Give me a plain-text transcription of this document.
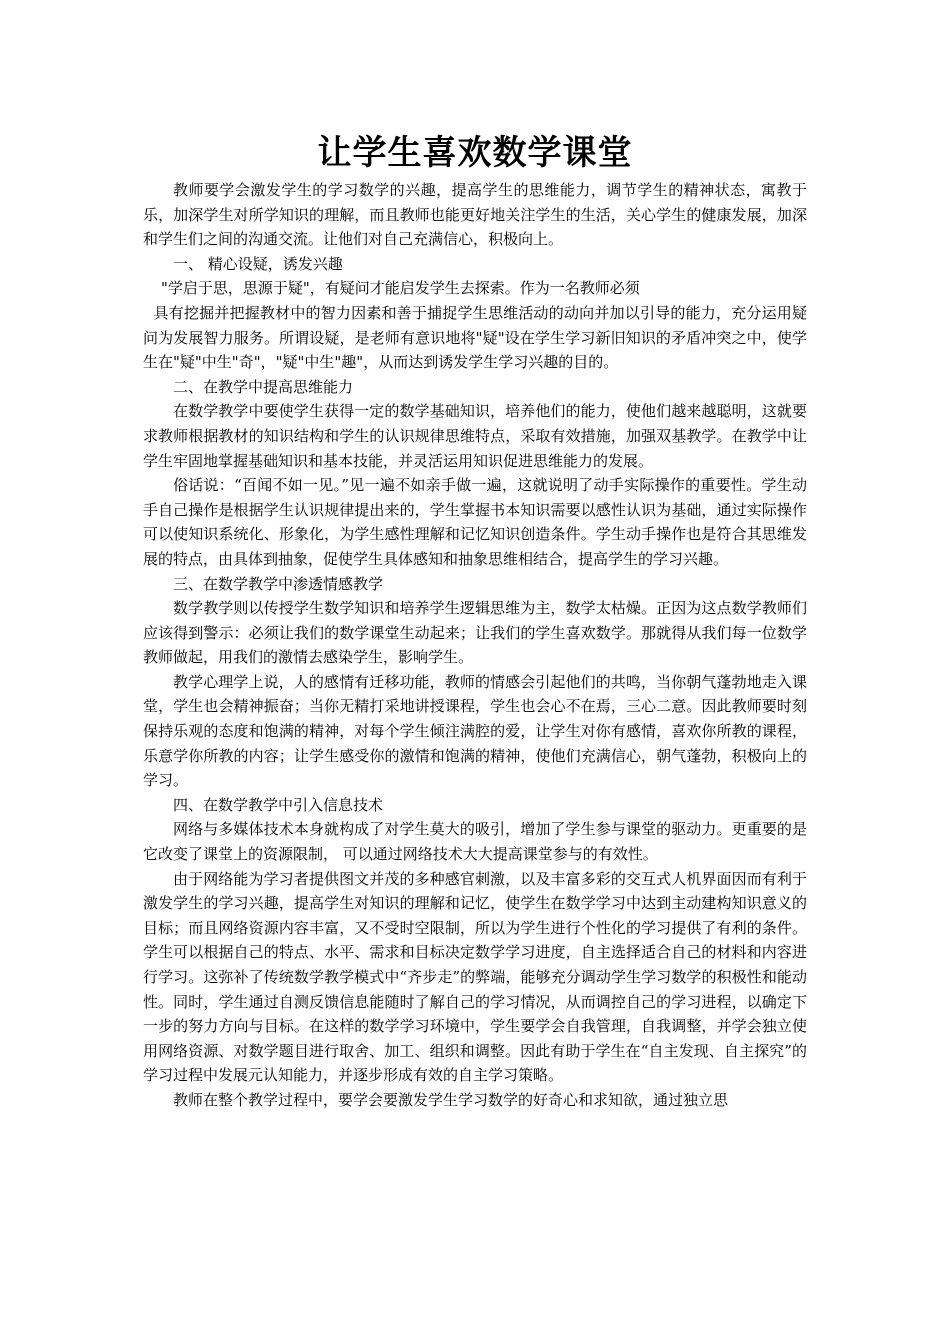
让学生喜欢数学课堂

教师要学会激发学生的学习数学的兴趣，提高学生的思维能力，调节学生的精神状态，寓教于乐，加深学生对所学知识的理解，而且教师也能更好地关注学生的生活，关心学生的健康发展，加深和学生们之间的沟通交流。让他们对自己充满信心，积极向上。

一、 精心设疑，诱发兴趣

"学启于思，思源于疑"，有疑问才能启发学生去探索。作为一名教师必须

具有挖掘并把握教材中的智力因素和善于捕捉学生思维活动的动向并加以引导的能力，充分运用疑问为发展智力服务。所谓设疑，是老师有意识地将"疑"设在学生学习新旧知识的矛盾冲突之中，使学生在"疑"中生"奇"，"疑"中生"趣"，从而达到诱发学生学习兴趣的目的。

二、在教学中提高思维能力

在数学教学中要使学生获得一定的数学基础知识，培养他们的能力，使他们越来越聪明，这就要求教师根据教材的知识结构和学生的认识规律思维特点，采取有效措施，加强双基教学。在教学中让学生牢固地掌握基础知识和基本技能，并灵活运用知识促进思维能力的发展。

俗话说：“百闻不如一见。”见一遍不如亲手做一遍，这就说明了动手实际操作的重要性。学生动手自己操作是根据学生认识规律提出来的，学生掌握书本知识需要以感性认识为基础，通过实际操作可以使知识系统化、形象化，为学生感性理解和记忆知识创造条件。学生动手操作也是符合其思维发展的特点，由具体到抽象，促使学生具体感知和抽象思维相结合，提高学生的学习兴趣。

三、在数学教学中渗透情感教学

数学教学则以传授学生数学知识和培养学生逻辑思维为主，数学太枯燥。正因为这点数学教师们应该得到警示：必须让我们的数学课堂生动起来；让我们的学生喜欢数学。那就得从我们每一位数学教师做起，用我们的激情去感染学生，影响学生。

教学心理学上说，人的感情有迁移功能，教师的情感会引起他们的共鸣，当你朝气蓬勃地走入课堂，学生也会精神振奋；当你无精打采地讲授课程，学生也会心不在焉，三心二意。因此教师要时刻保持乐观的态度和饱满的精神，对每个学生倾注满腔的爱，让学生对你有感情，喜欢你所教的课程，乐意学你所教的内容；让学生感受你的激情和饱满的精神，使他们充满信心，朝气蓬勃，积极向上的学习。

四、在数学教学中引入信息技术

网络与多媒体技术本身就构成了对学生莫大的吸引，增加了学生参与课堂的驱动力。更重要的是它改变了课堂上的资源限制， 可以通过网络技术大大提高课堂参与的有效性。

由于网络能为学习者提供图文并茂的多种感官刺激，以及丰富多彩的交互式人机界面因而有利于激发学生的学习兴趣，提高学生对知识的理解和记忆，使学生在数学学习中达到主动建构知识意义的目标；而且网络资源内容丰富，又不受时空限制，所以为学生进行个性化的学习提供了有利的条件。学生可以根据自己的特点、水平、需求和目标决定数学学习进度，自主选择适合自己的材料和内容进行学习。这弥补了传统数学教学模式中“齐步走”的弊端，能够充分调动学生学习数学的积极性和能动性。同时，学生通过自测反馈信息能随时了解自己的学习情况，从而调控自己的学习进程，以确定下一步的努力方向与目标。在这样的数学学习环境中，学生要学会自我管理，自我调整，并学会独立使用网络资源、对数学题目进行取舍、加工、组织和调整。因此有助于学生在“自主发现、自主探究”的学习过程中发展元认知能力，并逐步形成有效的自主学习策略。

教师在整个教学过程中，要学会要激发学生学习数学的好奇心和求知欲，通过独立思
